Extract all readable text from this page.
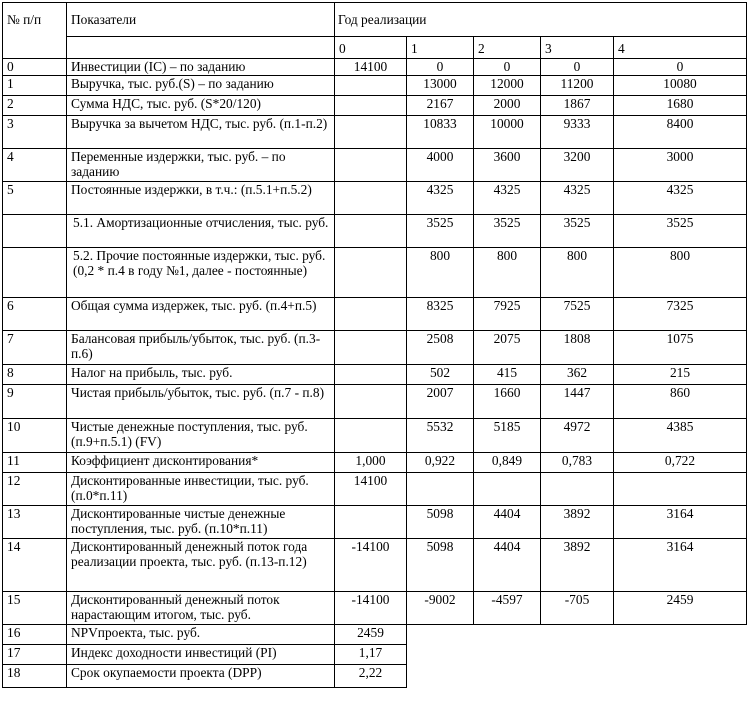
№ п/п	Показатели	Год реализации				
		0	1	2	3	4
0	Инвестиции (IC) – по заданию	14100	0	0	0	0
1	Выручка, тыс. руб.(S) – по заданию		13000	12000	11200	10080
2	Сумма НДС, тыс. руб. (S*20/120)		2167	2000	1867	1680
3	Выручка за вычетом НДС, тыс. руб. (п.1-п.2)		10833	10000	9333	8400
4	Переменные издержки, тыс. руб. – по заданию		4000	3600	3200	3000
5	Постоянные издержки, в т.ч.: (п.5.1+п.5.2)		4325	4325	4325	4325
	5.1. Амортизационные отчисления, тыс. руб.		3525	3525	3525	3525
	5.2. Прочие постоянные издержки, тыс. руб. (0,2 * п.4 в году №1, далее - постоянные)		800	800	800	800
6	Общая сумма издержек, тыс. руб. (п.4+п.5)		8325	7925	7525	7325
7	Балансовая прибыль/убыток, тыс. руб. (п.3-п.6)		2508	2075	1808	1075
8	Налог на прибыль, тыс. руб.		502	415	362	215
9	Чистая прибыль/убыток, тыс. руб. (п.7 - п.8)		2007	1660	1447	860
10	Чистые денежные поступления, тыс. руб. (п.9+п.5.1) (FV)		5532	5185	4972	4385
11	Коэффициент дисконтирования*	1,000	0,922	0,849	0,783	0,722
12	Дисконтированные инвестиции, тыс. руб. (п.0*п.11)	14100				
13	Дисконтированные чистые денежные поступления, тыс. руб. (п.10*п.11)		5098	4404	3892	3164
14	Дисконтированный денежный поток года реализации проекта, тыс. руб. (п.13-п.12)	-14100	5098	4404	3892	3164
15	Дисконтированный денежный поток нарастающим итогом, тыс. руб.	-14100	-9002	-4597	-705	2459
16	NPVпроекта, тыс. руб.	2459				
17	Индекс доходности инвестиций (PI)	1,17				
18	Срок окупаемости проекта (DPP)	2,22				
